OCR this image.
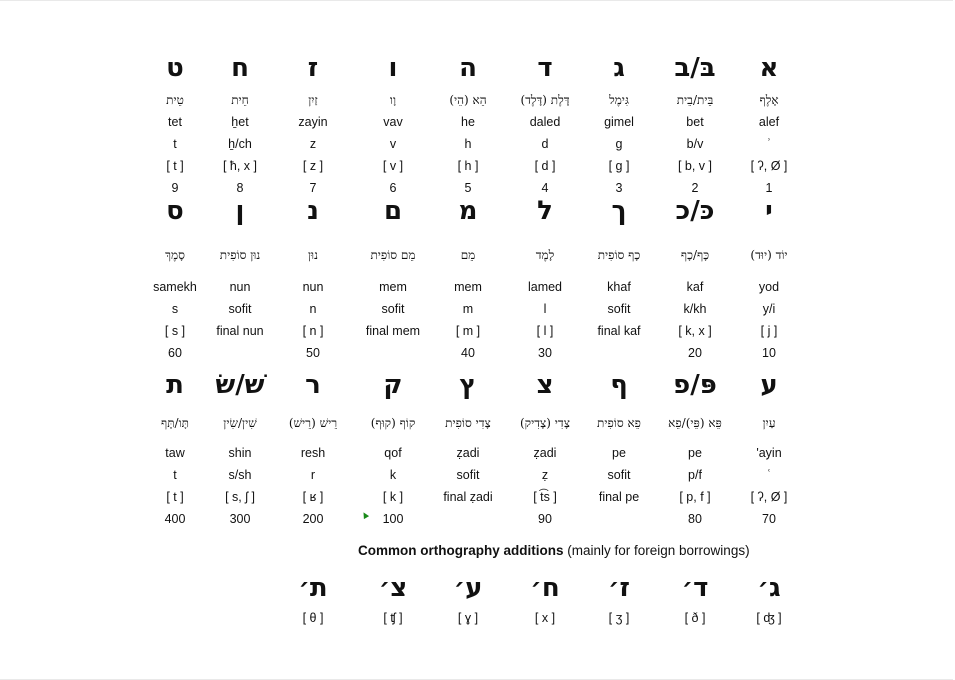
ט
טֵית
tet
t
[ t ]
9
ח
חֵית
ẖet
ẖ/ch
[ ħ, x ]
8
ז
זַיִן
zayin
z
[ z ]
7
ו
וָו
vav
v
[ v ]
6
ה
הֵא (הֵי)
he
h
[ h ]
5
ד
דָּלֶת (דָּלֶד)
daled
d
[ d ]
4
ג
גִּימֶל
gimel
g
[ g ]
3
בּ/ב
בֵּית/בֵית
bet
b/v
[ b, v ]
2
א
אָלֶף
alef
ʾ
[ ʔ, Ø ]
1
ס
סָמֶךְ
samekh
s
[ s ]
60
ן
נוּן סוֹפִית
nun
sofit
final nun
נ
נוּן
nun
n
[ n ]
50
ם
מֵם סוֹפִית
mem
sofit
final mem
מ
מֵם
mem
m
[ m ]
40
ל
לָמֶד
lamed
l
[ l ]
30
ך
כָף סוֹפִית
khaf
sofit
final kaf
כּ/כ
כָּף/כָף
kaf
k/kh
[ k, x ]
20
י
יוֹד (יוּד)
yod
y/i
[ j ]
10
ת
תָּו/תָּף
taw
t
[ t ]
400
שׁ/שׂ
שִׁין/שִׂין
shin
s/sh
[ s, ʃ ]
300
ר
רֵישׁ (רֵישׁ)
resh
r
[ ʁ ]
200
ק
קוֹף (קוּף)
qof
k
[ k ]
100
ץ
צָדִי סוֹפִית
ẓadi
sofit
final ẓadi
צ
צָדִי (צָדִיק)
ẓadi
ẓ
[ t͡s ]
90
ף
פֵא סוֹפִית
pe
sofit
final pe
פּ/פ
פֵּא (פֵּי)/פֵא
pe
p/f
[ p, f ]
80
ע
עַיִן
'ayin
ʿ
[ ʔ, Ø ]
70
ת׳
[ θ ]
צ׳
[ ʧ ]
ע׳
[ ɣ ]
ח׳
[ x ]
ז׳
[ ʒ ]
ד׳
[ ð ]
ג׳
[ ʤ ]
Common orthography additions (mainly for foreign borrowings)
